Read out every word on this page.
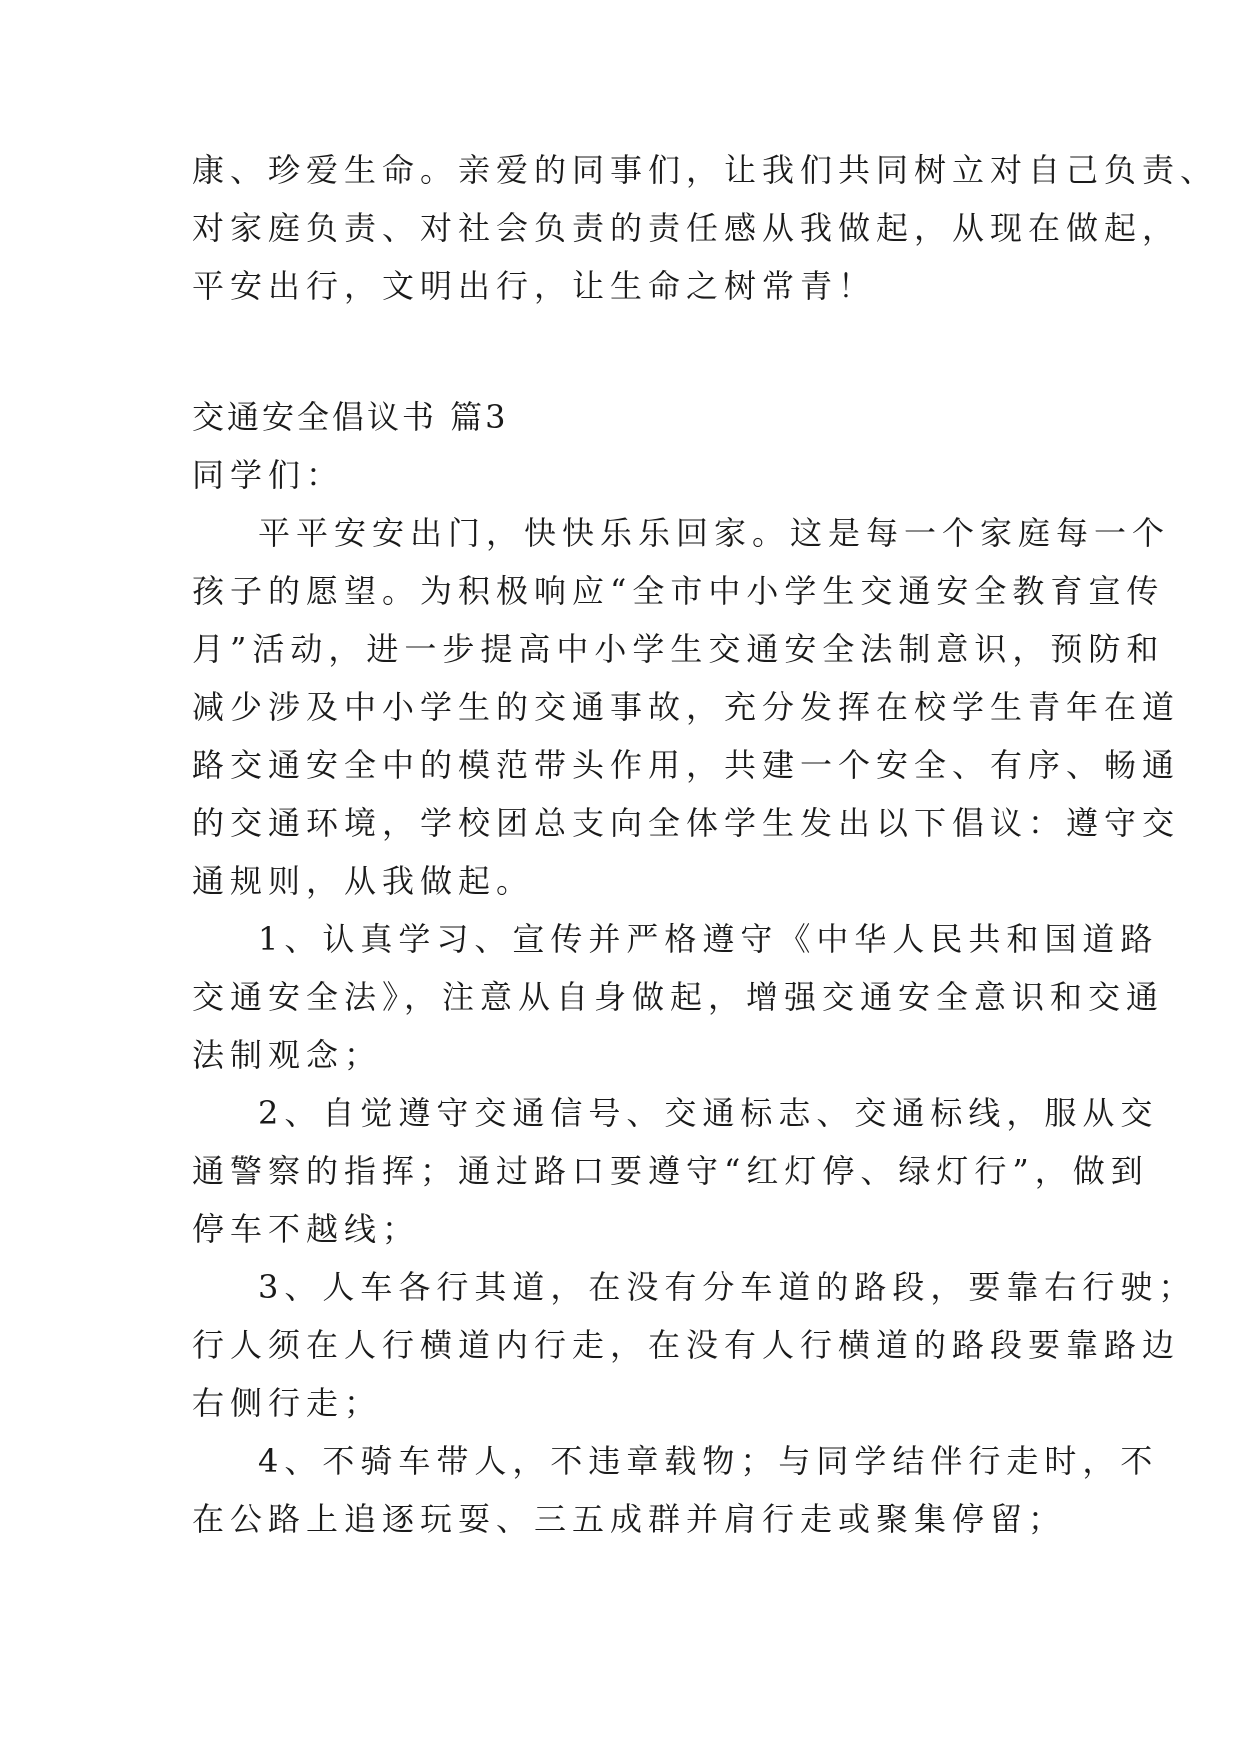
康、珍爱生命。亲爱的同事们，让我们共同树立对自己负责、
对家庭负责、对社会负责的责任感从我做起，从现在做起，
平安出行，文明出行，让生命之树常青！
交通安全倡议书 篇3
同学们：
平平安安出门，快快乐乐回家。这是每一个家庭每一个
孩子的愿望。为积极响应“全市中小学生交通安全教育宣传
月”活动，进一步提高中小学生交通安全法制意识，预防和
减少涉及中小学生的交通事故，充分发挥在校学生青年在道
路交通安全中的模范带头作用，共建一个安全、有序、畅通
的交通环境，学校团总支向全体学生发出以下倡议：遵守交
通规则，从我做起。
1、认真学习、宣传并严格遵守《中华人民共和国道路
交通安全法》，注意从自身做起，增强交通安全意识和交通
法制观念；
2、自觉遵守交通信号、交通标志、交通标线，服从交
通警察的指挥；通过路口要遵守“红灯停、绿灯行”，做到
停车不越线；
3、人车各行其道，在没有分车道的路段，要靠右行驶；
行人须在人行横道内行走，在没有人行横道的路段要靠路边
右侧行走；
4、不骑车带人，不违章载物；与同学结伴行走时，不
在公路上追逐玩耍、三五成群并肩行走或聚集停留；
